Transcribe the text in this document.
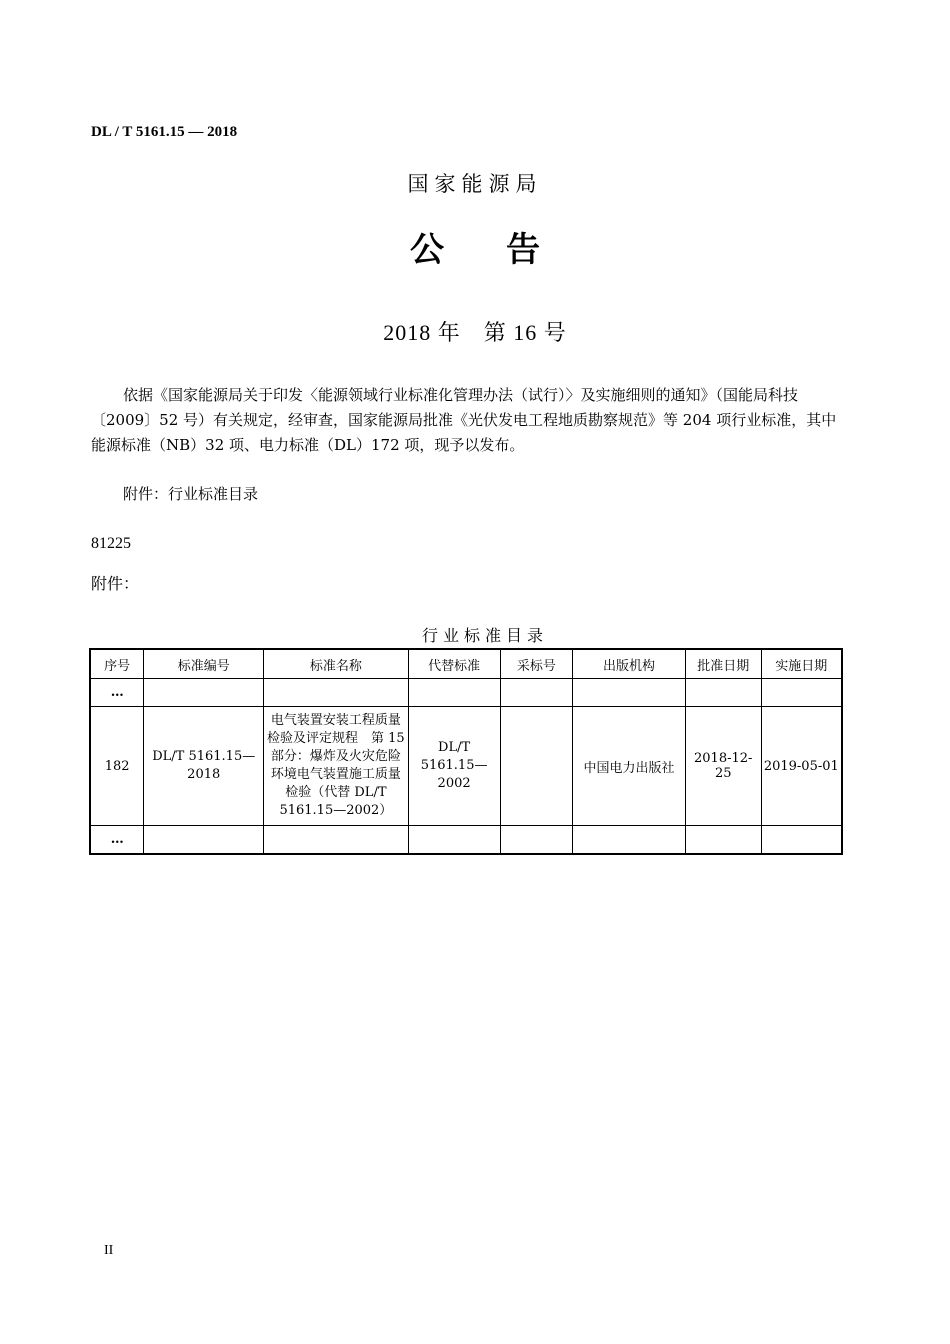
DL / T 5161.15 — 2018
国家能源局
公告
2018 年　第 16 号

依据《国家能源局关于印发〈能源领域行业标准化管理办法（试行）〉及实施细则的通知》（国能局科技〔2009〕52 号）有关规定，经审查，国家能源局批准《光伏发电工程地质勘察规范》等 204 项行业标准，其中能源标准（NB）32 项、电力标准（DL）172 项，现予以发布。

附件：行业标准目录
81225
附件：
行业标准目录
序号	标准编号	标准名称	代替标准	采标号	出版机构	批准日期	实施日期
…							
182	DL/T 5161.15—2018	电气装置安装工程质量检验及评定规程　第 15 部分：爆炸及火灾危险环境电气装置施工质量检验（代替 DL/T 5161.15—2002）	DL/T 5161.15—2002		中国电力出版社	2018-12-25	2019-05-01
…							
II
